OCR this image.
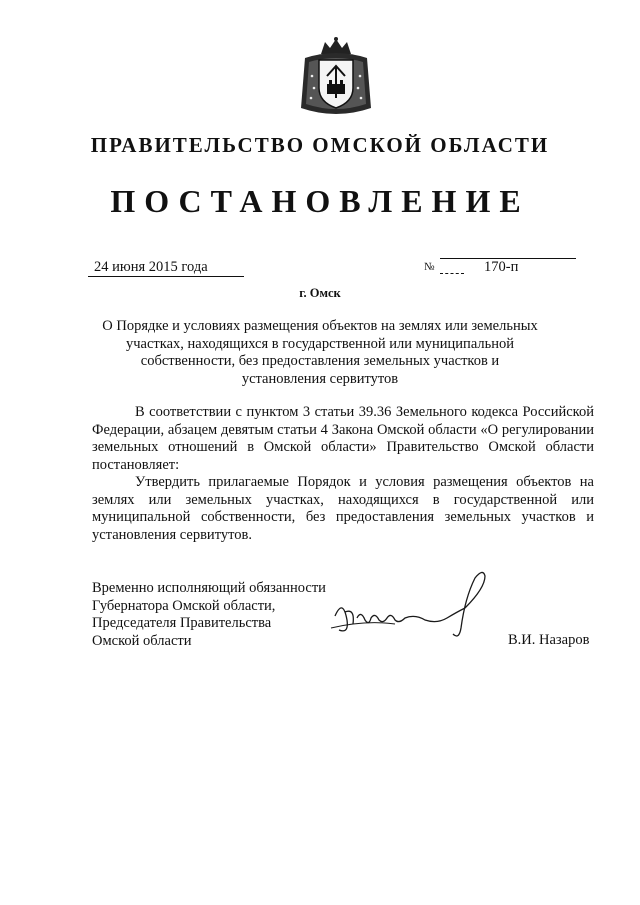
ПРАВИТЕЛЬСТВО ОМСКОЙ ОБЛАСТИ
ПОСТАНОВЛЕНИЕ
24 июня 2015 года	№	170-п
г. Омск
О Порядке и условиях размещения объектов на землях или земельных
участках, находящихся в государственной или муниципальной
собственности, без предоставления земельных участков и
установления сервитутов

В соответствии с пунктом 3 статьи 39.36 Земельного кодекса Российской Федерации, абзацем девятым статьи 4 Закона Омской области «О регулировании земельных отношений в Омской области» Правительство Омской области постановляет:

Утвердить прилагаемые Порядок и условия размещения объектов на землях или земельных участках, находящихся в государственной или муниципальной собственности, без предоставления земельных участков и установления сервитутов.

Временно исполняющий обязанности
Губернатора Омской области,
Председателя Правительства
Омской области	В.И. Назаров
